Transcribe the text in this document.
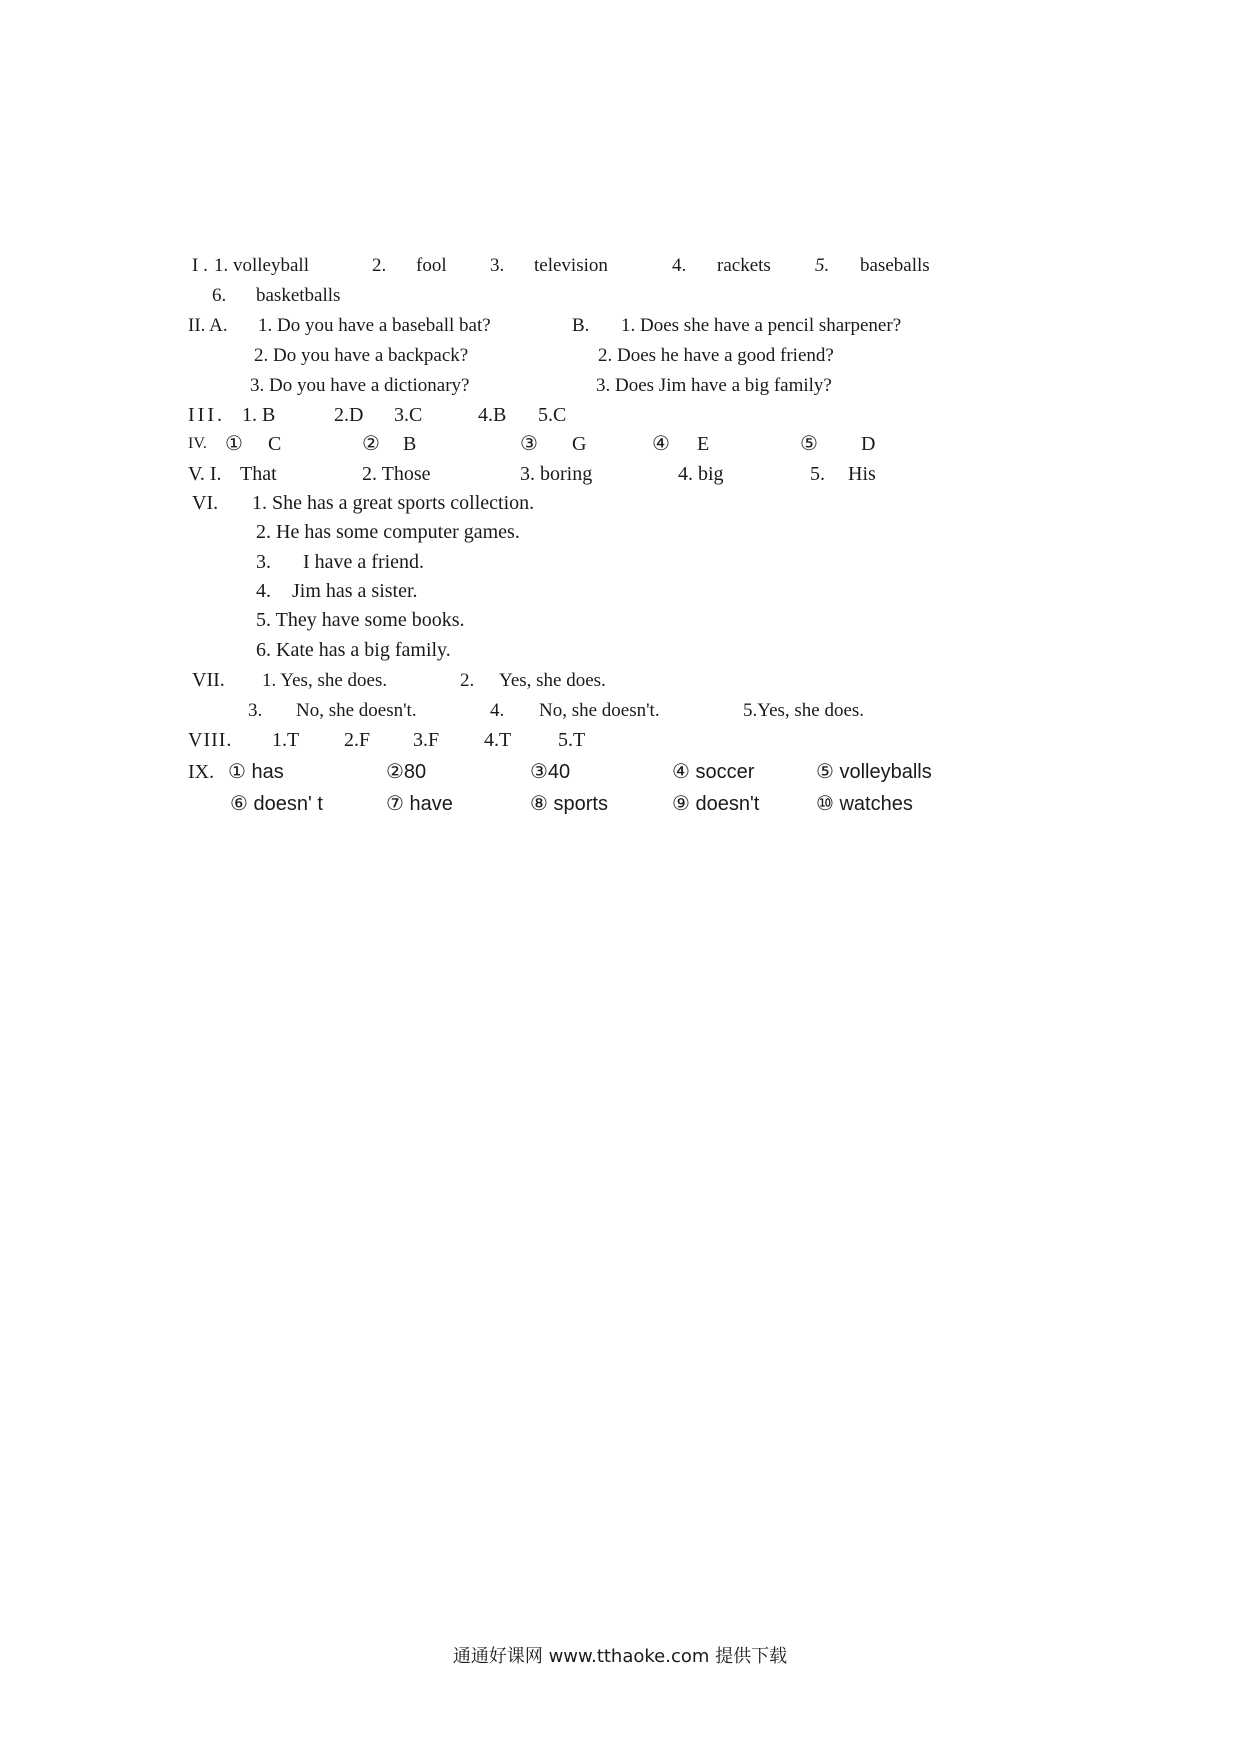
I . 1. volleyball	2. fool 3. television	4. rackets 5. baseballs
6. basketballs
II. A. 1. Do you have a baseball bat?	B. 1. Does she have a pencil sharpener?
2. Do you have a backpack?	2. Does he have a good friend?
3. Do you have a dictionary?	3. Does Jim have a big family?
III. 1. B	2.D 3.C	4.B 5.C
IV. ① C	② B	③ G	④ E	⑤ D
V. I. That	2. Those	3. boring	4. big	5. His
VI. 1. She has a great sports collection.
2. He has some computer games.
3. I have a friend.
4. Jim has a sister.
5. They have some books.
6. Kate has a big family.
VII. 1. Yes, she does.	2. Yes, she does.
3. No, she doesn't.	4. No, she doesn't.	5.Yes, she does.
VIII. 1.T 2.F 3.F 4.T 5.T
IX. ① has	②80	③40	④ soccer	⑤ volleyballs
⑥ doesn' t	⑦ have	⑧ sports	⑨ doesn't	⑩ watches
通通好课网 www.tthaoke.com 提供下载
